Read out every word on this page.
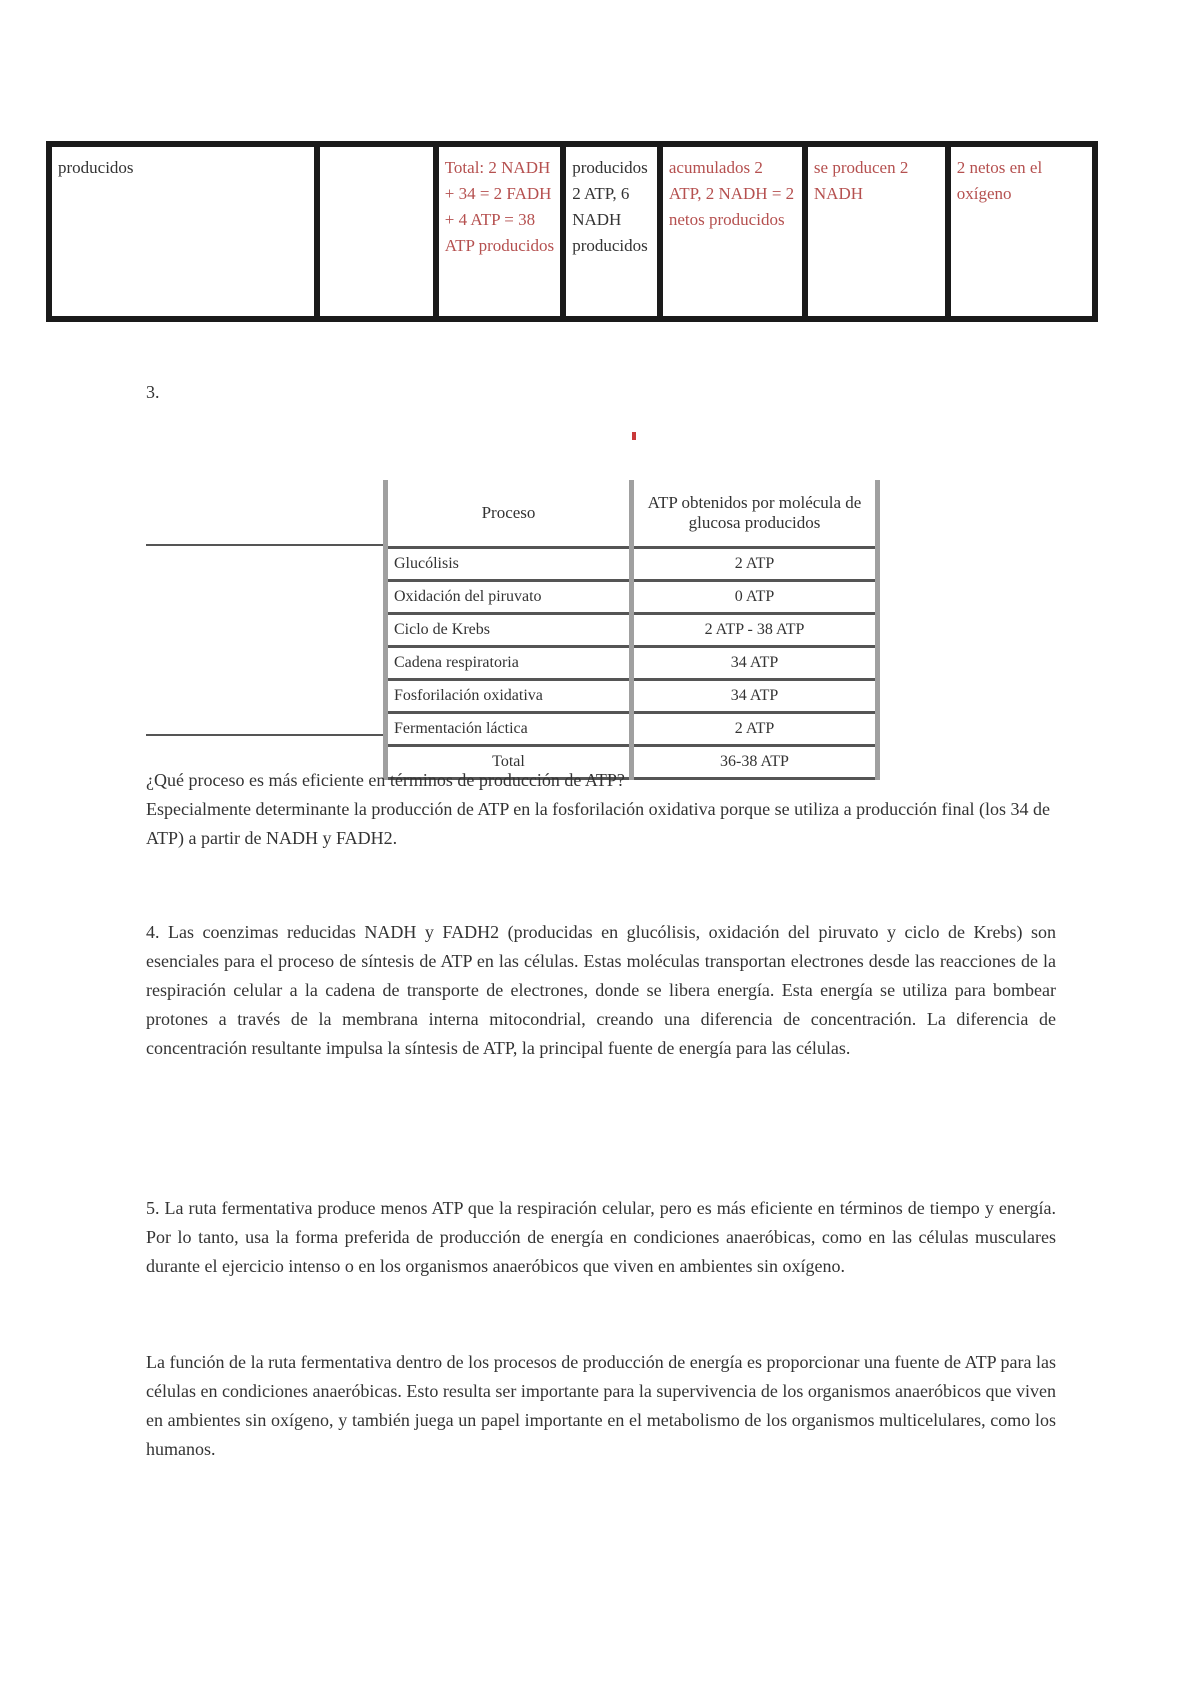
producidos		Total: 2 NADH + 34 = 2 FADH + 4 ATP = 38 ATP producidos	producidos 2 ATP, 6 NADH producidos	acumulados 2 ATP, 2 NADH = 2 netos producidos	se producen 2 NADH	2 netos en el oxígeno
3.
Proceso	ATP obtenidos por molécula de glucosa producidos
Glucólisis	2 ATP
Oxidación del piruvato	0 ATP
Ciclo de Krebs	2 ATP - 38 ATP
Cadena respiratoria	34 ATP
Fosforilación oxidativa	34 ATP
Fermentación láctica	2 ATP
Total	36-38 ATP
¿Qué proceso es más eficiente en términos de producción de ATP?
Especialmente determinante la producción de ATP en la fosforilación oxidativa porque se utiliza a producción final (los 34 de ATP) a partir de NADH y FADH2.
4. Las coenzimas reducidas NADH y FADH2 (producidas en glucólisis, oxidación del piruvato y ciclo de Krebs) son esenciales para el proceso de síntesis de ATP en las células. Estas moléculas transportan electrones desde las reacciones de la respiración celular a la cadena de transporte de electrones, donde se libera energía. Esta energía se utiliza para bombear protones a través de la membrana interna mitocondrial, creando una diferencia de concentración. La diferencia de concentración resultante impulsa la síntesis de ATP, la principal fuente de energía para las células.
5. La ruta fermentativa produce menos ATP que la respiración celular, pero es más eficiente en términos de tiempo y energía. Por lo tanto, usa la forma preferida de producción de energía en condiciones anaeróbicas, como en las células musculares durante el ejercicio intenso o en los organismos anaeróbicos que viven en ambientes sin oxígeno.
La función de la ruta fermentativa dentro de los procesos de producción de energía es proporcionar una fuente de ATP para las células en condiciones anaeróbicas. Esto resulta ser importante para la supervivencia de los organismos anaeróbicos que viven en ambientes sin oxígeno, y también juega un papel importante en el metabolismo de los organismos multicelulares, como los humanos.
